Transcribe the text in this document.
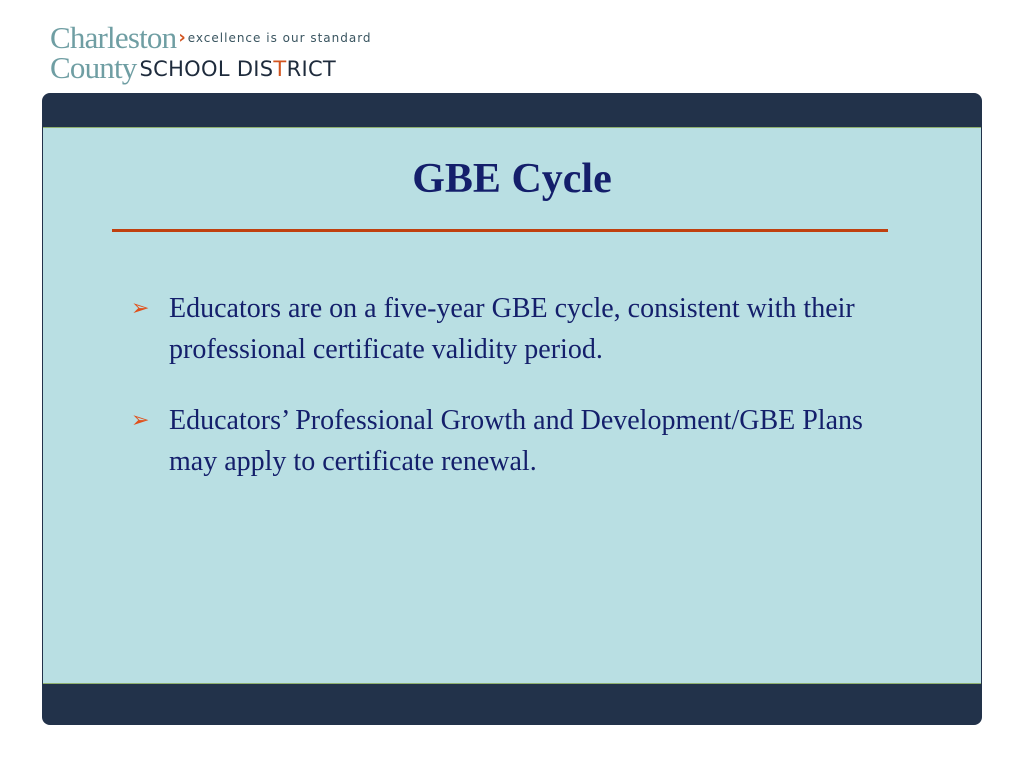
Charleston › excellence is our standard
County SCHOOL DISTRICT
GBE Cycle
➢ Educators are on a five-year GBE cycle, consistent with their professional certificate validity period.
➢ Educators’ Professional Growth and Development/GBE Plans may apply to certificate renewal.
